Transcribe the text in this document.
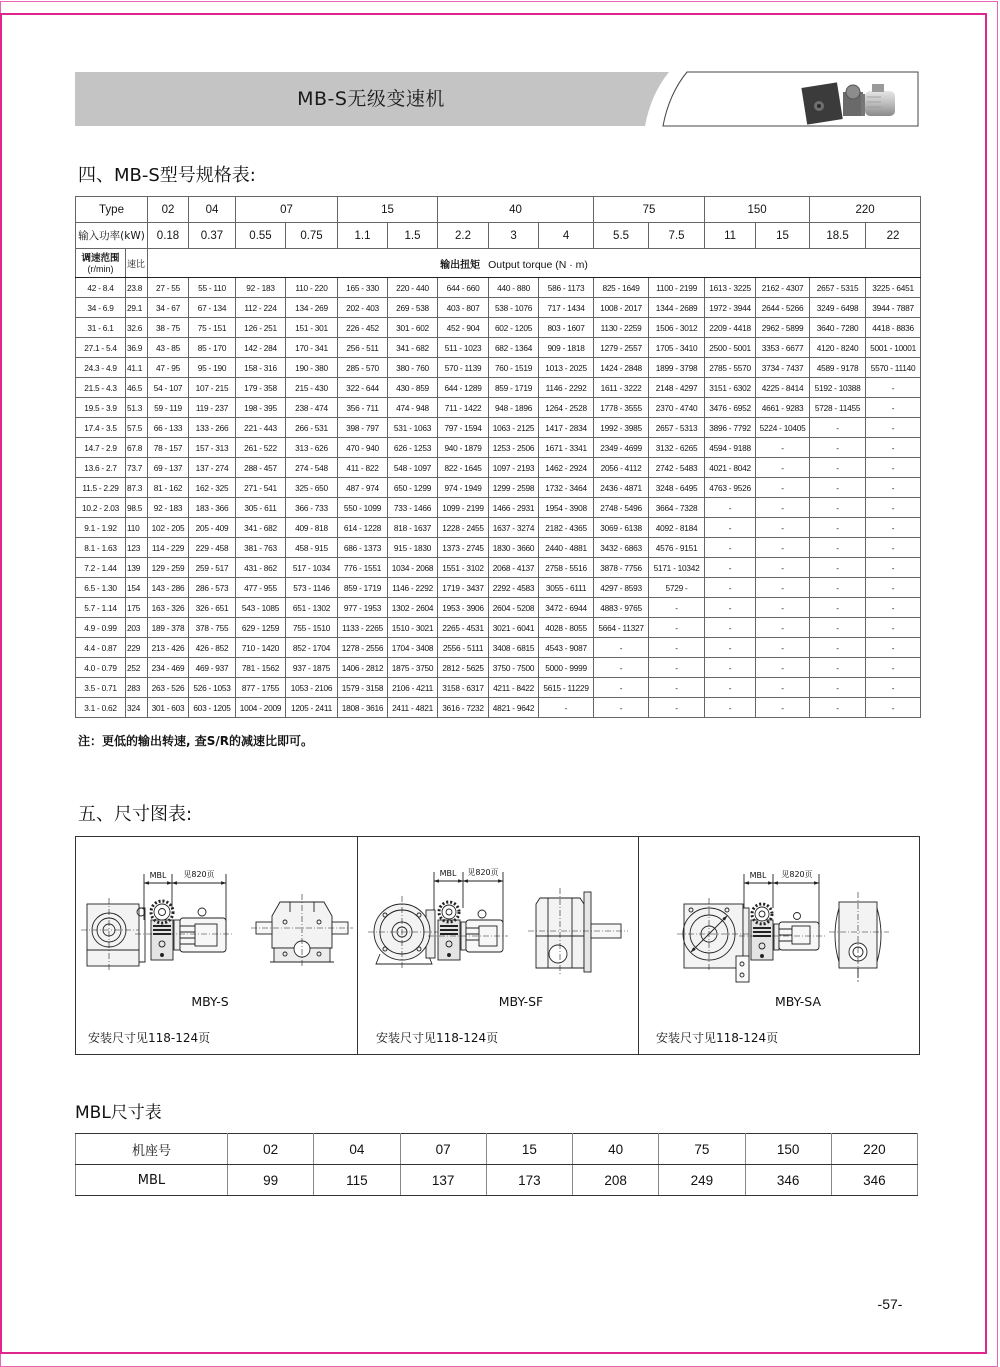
MB-S无级变速机
四、MB-S型号规格表:
Type		02	04	07		15		40			75		150		220	
输入功率(kW)		0.18	0.37	0.55	0.75	1.1	1.5	2.2	3	4	5.5	7.5	11	15	18.5	22

调速范围
(r/min)	速比	输出扭矩 Output torque (N · m)														
42 - 8.4	23.8	27 - 55	55 - 110	92 - 183	110 - 220	165 - 330	220 - 440	644 - 660	440 - 880	586 - 1173	825 - 1649	1100 - 2199	1613 - 3225	2162 - 4307	2657 - 5315	3225 - 6451
34 - 6.9	29.1	34 - 67	67 - 134	112 - 224	134 - 269	202 - 403	269 - 538	403 - 807	538 - 1076	717 - 1434	1008 - 2017	1344 - 2689	1972 - 3944	2644 - 5266	3249 - 6498	3944 - 7887
31 - 6.1	32.6	38 - 75	75 - 151	126 - 251	151 - 301	226 - 452	301 - 602	452 - 904	602 - 1205	803 - 1607	1130 - 2259	1506 - 3012	2209 - 4418	2962 - 5899	3640 - 7280	4418 - 8836
27.1 - 5.4	36.9	43 - 85	85 - 170	142 - 284	170 - 341	256 - 511	341 - 682	511 - 1023	682 - 1364	909 - 1818	1279 - 2557	1705 - 3410	2500 - 5001	3353 - 6677	4120 - 8240	5001 - 10001
24.3 - 4.9	41.1	47 - 95	95 - 190	158 - 316	190 - 380	285 - 570	380 - 760	570 - 1139	760 - 1519	1013 - 2025	1424 - 2848	1899 - 3798	2785 - 5570	3734 - 7437	4589 - 9178	5570 - 11140
21.5 - 4.3	46.5	54 - 107	107 - 215	179 - 358	215 - 430	322 - 644	430 - 859	644 - 1289	859 - 1719	1146 - 2292	1611 - 3222	2148 - 4297	3151 - 6302	4225 - 8414	5192 - 10388	-
19.5 - 3.9	51.3	59 - 119	119 - 237	198 - 395	238 - 474	356 - 711	474 - 948	711 - 1422	948 - 1896	1264 - 2528	1778 - 3555	2370 - 4740	3476 - 6952	4661 - 9283	5728 - 11455	-
17.4 - 3.5	57.5	66 - 133	133 - 266	221 - 443	266 - 531	398 - 797	531 - 1063	797 - 1594	1063 - 2125	1417 - 2834	1992 - 3985	2657 - 5313	3896 - 7792	5224 - 10405	-	-
14.7 - 2.9	67.8	78 - 157	157 - 313	261 - 522	313 - 626	470 - 940	626 - 1253	940 - 1879	1253 - 2506	1671 - 3341	2349 - 4699	3132 - 6265	4594 - 9188	-	-	-
13.6 - 2.7	73.7	69 - 137	137 - 274	288 - 457	274 - 548	411 - 822	548 - 1097	822 - 1645	1097 - 2193	1462 - 2924	2056 - 4112	2742 - 5483	4021 - 8042	-	-	-
11.5 - 2.29	87.3	81 - 162	162 - 325	271 - 541	325 - 650	487 - 974	650 - 1299	974 - 1949	1299 - 2598	1732 - 3464	2436 - 4871	3248 - 6495	4763 - 9526	-	-	-
10.2 - 2.03	98.5	92 - 183	183 - 366	305 - 611	366 - 733	550 - 1099	733 - 1466	1099 - 2199	1466 - 2931	1954 - 3908	2748 - 5496	3664 - 7328	-	-	-	-
9.1 - 1.92	110	102 - 205	205 - 409	341 - 682	409 - 818	614 - 1228	818 - 1637	1228 - 2455	1637 - 3274	2182 - 4365	3069 - 6138	4092 - 8184	-	-	-	-
8.1 - 1.63	123	114 - 229	229 - 458	381 - 763	458 - 915	686 - 1373	915 - 1830	1373 - 2745	1830 - 3660	2440 - 4881	3432 - 6863	4576 - 9151	-	-	-	-
7.2 - 1.44	139	129 - 259	259 - 517	431 - 862	517 - 1034	776 - 1551	1034 - 2068	1551 - 3102	2068 - 4137	2758 - 5516	3878 - 7756	5171 - 10342	-	-	-	-
6.5 - 1.30	154	143 - 286	286 - 573	477 - 955	573 - 1146	859 - 1719	1146 - 2292	1719 - 3437	2292 - 4583	3055 - 6111	4297 - 8593	5729 -	-	-	-	-
5.7 - 1.14	175	163 - 326	326 - 651	543 - 1085	651 - 1302	977 - 1953	1302 - 2604	1953 - 3906	2604 - 5208	3472 - 6944	4883 - 9765	-	-	-	-	-
4.9 - 0.99	203	189 - 378	378 - 755	629 - 1259	755 - 1510	1133 - 2265	1510 - 3021	2265 - 4531	3021 - 6041	4028 - 8055	5664 - 11327	-	-	-	-	-
4.4 - 0.87	229	213 - 426	426 - 852	710 - 1420	852 - 1704	1278 - 2556	1704 - 3408	2556 - 5111	3408 - 6815	4543 - 9087	-	-	-	-	-	-
4.0 - 0.79	252	234 - 469	469 - 937	781 - 1562	937 - 1875	1406 - 2812	1875 - 3750	2812 - 5625	3750 - 7500	5000 - 9999	-	-	-	-	-	-
3.5 - 0.71	283	263 - 526	526 - 1053	877 - 1755	1053 - 2106	1579 - 3158	2106 - 4211	3158 - 6317	4211 - 8422	5615 - 11229	-	-	-	-	-	-
3.1 - 0.62	324	301 - 603	603 - 1205	1004 - 2009	1205 - 2411	1808 - 3616	2411 - 4821	3616 - 7232	4821 - 9642	-	-	-	-	-	-	-
注：更低的输出转速, 查S/R的减速比即可。
五、尺寸图表:
MBL 见820页
MBY-S
安装尺寸见118-124页
MBL 见820页
MBY-SF
安装尺寸见118-124页
MBL 见820页
MBY-SA
安装尺寸见118-124页
MBL尺寸表
机座号	02	04	07	15	40	75	150	220
MBL	99	115	137	173	208	249	346	346
-57-
